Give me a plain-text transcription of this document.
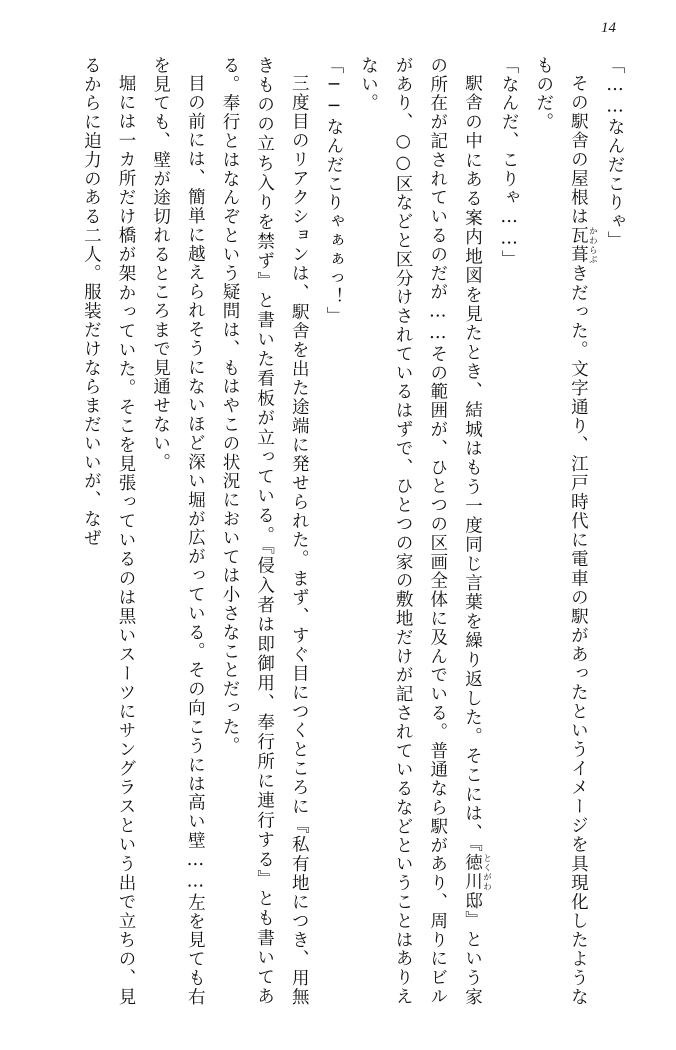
14

「……なんだこりゃ」

その駅舎の屋根は瓦葺 かわらぶきだった。文字通り、江戸時代に電車の駅があったというイメージを具現化したようなものだ。

「なんだ、こりゃ……」

駅舎の中にある案内地図を見たとき、結城はもう一度同じ言葉を繰り返した。そこには、『徳川 とくがわ邸』という家の所在が記されているのだが……その範囲が、ひとつの区画全体に及んでいる。普通なら駅があり、周りにビルがあり、○○区などと区分けされているはずで、ひとつの家の敷地だけが記されているなどということはありえない。

「──なんだこりゃぁぁっ！」

三度目のリアクションは、駅舎を出た途端に発せられた。まず、すぐ目につくところに『私有地につき、用無きものの立ち入りを禁ず』と書いた看板が立っている。『侵入者は即御用、奉行所に連行する』とも書いてある。奉行とはなんぞという疑問は、もはやこの状況においては小さなことだった。

目の前には、簡単に越えられそうにないほど深い堀が広がっている。その向こうには高い壁……左を見ても右を見ても、壁が途切れるところまで見通せない。

堀には一カ所だけ橋が架かっていた。そこを見張っているのは黒いスーツにサングラスという出で立ちの、見るからに迫力のある二人。服装だけならまだいいが、なぜ
